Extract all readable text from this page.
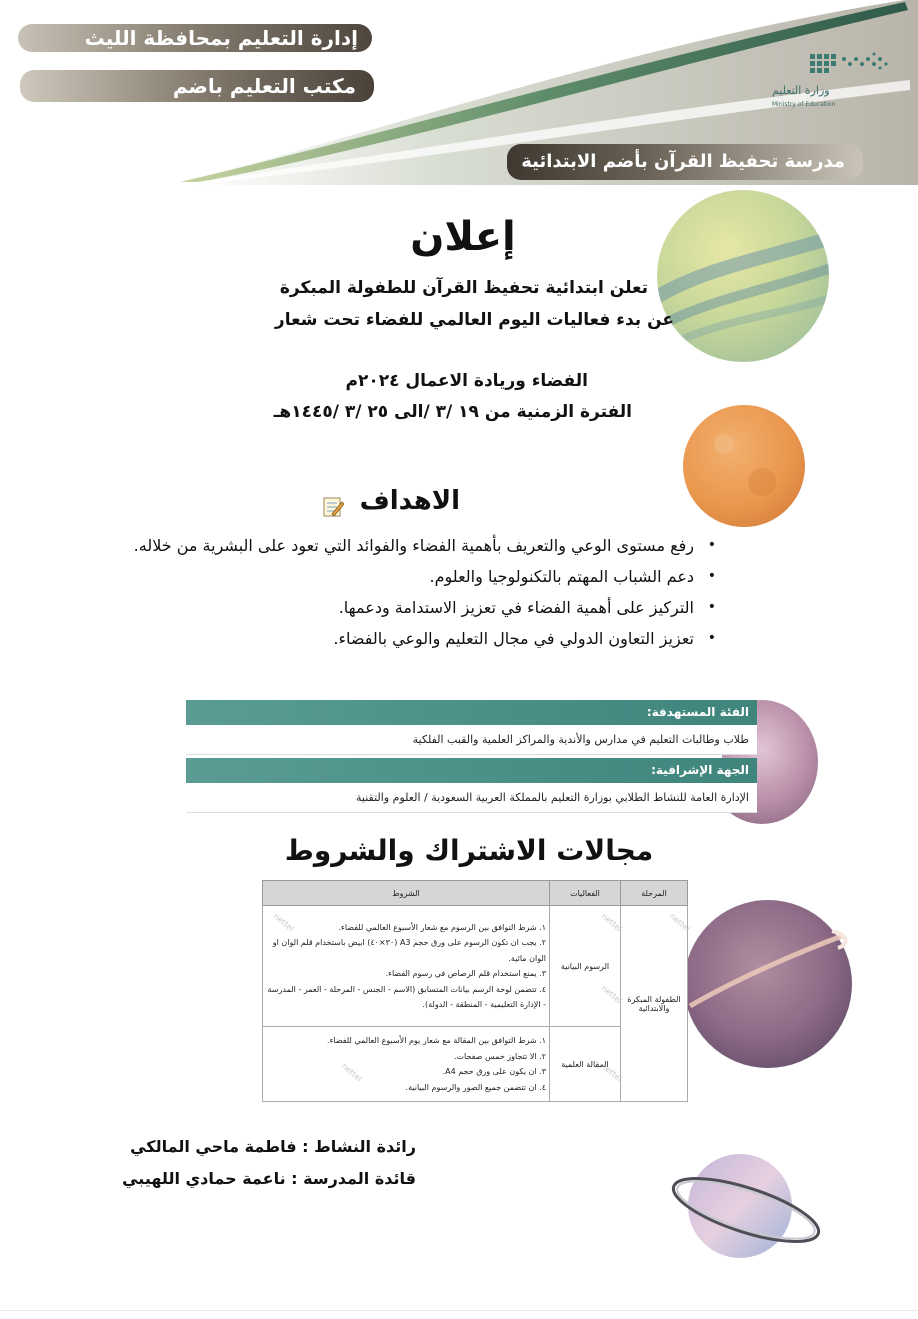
وزارة التعليم
Ministry of Education
إدارة التعليم بمحافظة الليث
مكتب التعليم باضم
مدرسة تحفيظ القرآن بأضم الابتدائية
إعلان
تعلن ابتدائية تحفيظ القرآن للطفولة المبكرة
عن بدء فعاليات اليوم العالمي للفضاء تحت شعار
الفضاء وريادة الاعمال ٢٠٢٤م
الفترة الزمنية من ١٩ /٣ /الى ٢٥ /٣ /١٤٤٥هـ
الاهداف
• رفع مستوى الوعي والتعريف بأهمية الفضاء والفوائد التي تعود على البشرية من خلاله.
• دعم الشباب المهتم بالتكنولوجيا والعلوم.
• التركيز على أهمية الفضاء في تعزيز الاستدامة ودعمها.
• تعزيز التعاون الدولي في مجال التعليم والوعي بالفضاء.
الفئة المستهدفة:
طلاب وطالبات التعليم في مدارس والأندية والمراكز العلمية والقبب الفلكية
الجهة الإشرافية:
الإدارة العامة للنشاط الطلابي بوزارة التعليم بالمملكة العربية السعودية / العلوم والتقنية
مجالات الاشتراك والشروط
المرحلة	الفعاليات	الشروط
الطفولة المبكرة والابتدائية	الرسوم البيانية	١. شرط التوافق بين الرسوم مع شعار الأسبوع العالمي للفضاء.
٢. يجب ان تكون الرسوم على ورق حجم A3 (٣٠×٤٠) ابيض باستخدام قلم الوان او الوان مائية.
٣. يمنع استخدام قلم الرصاص في رسوم الفضاء.
٤. تتضمن لوحة الرسم بيانات المتسابق (الاسم - الجنس - المرحلة - العمر - المدرسة - الإدارة التعليمية - المنطقة - الدولة).

	المقالة العلمية	١. شرط التوافق بين المقالة مع شعار يوم الأسبوع العالمي للفضاء.
٢. الا تتجاوز خمس صفحات.
٣. ان يكون على ورق حجم A4.
٤. ان تتضمن جميع الصور والرسوم البيانية.
nettel	nettel
nettel
nettel
nettel	nettel
رائدة النشاط : فاطمة ماحي المالكي
قائدة المدرسة : ناعمة حمادي اللهيبي
